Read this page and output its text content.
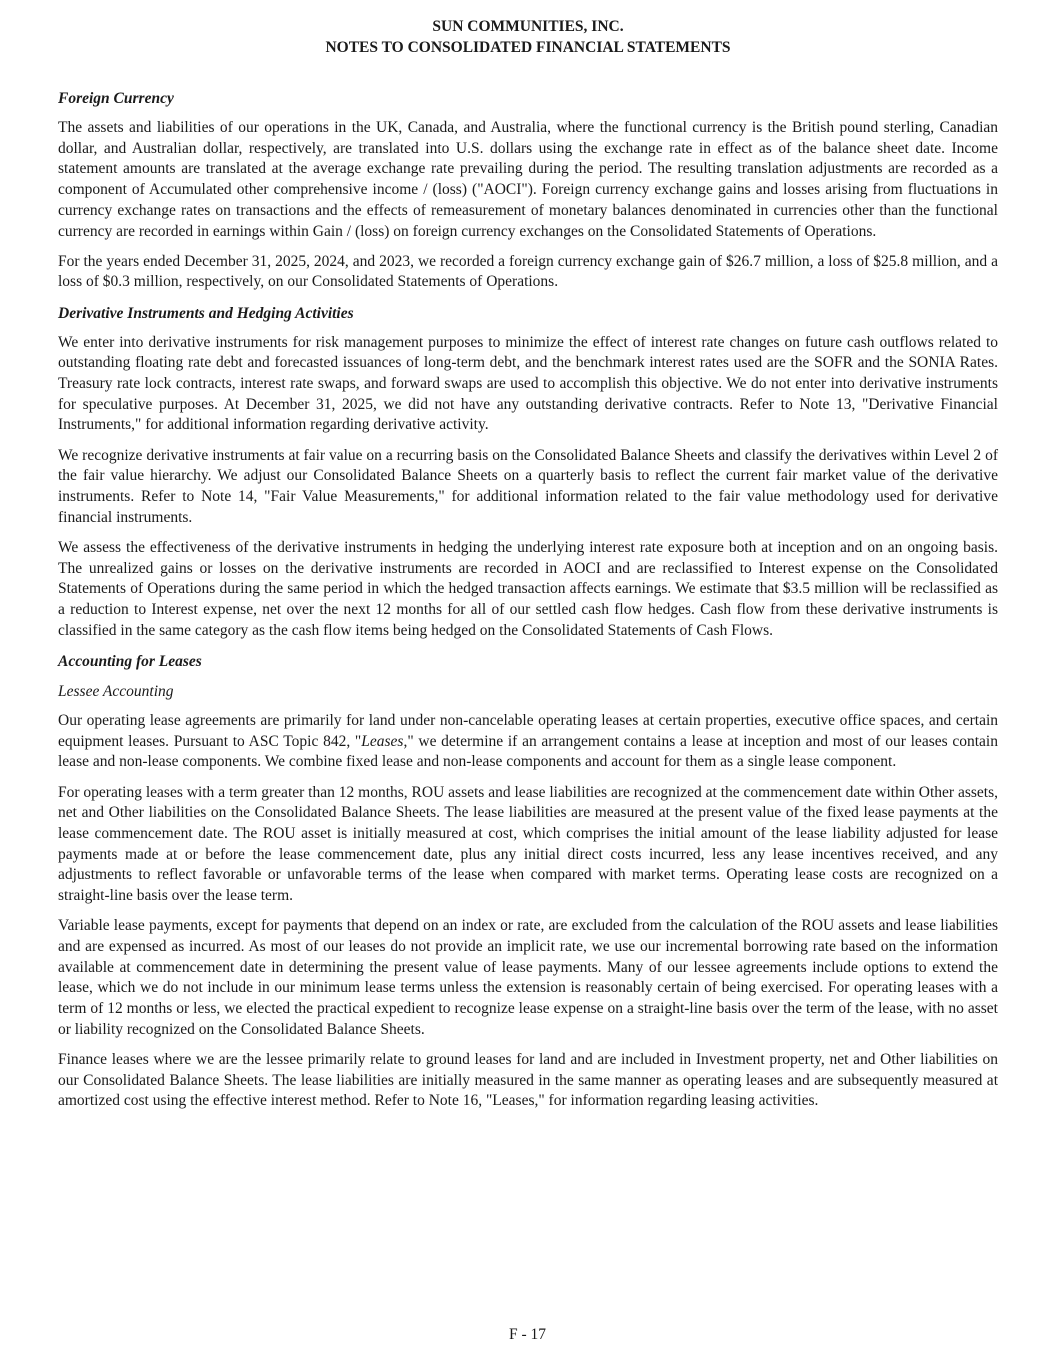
SUN COMMUNITIES, INC.
NOTES TO CONSOLIDATED FINANCIAL STATEMENTS
Foreign Currency

The assets and liabilities of our operations in the UK, Canada, and Australia, where the functional currency is the British pound sterling, Canadian dollar, and Australian dollar, respectively, are translated into U.S. dollars using the exchange rate in effect as of the balance sheet date. Income statement amounts are translated at the average exchange rate prevailing during the period. The resulting translation adjustments are recorded as a component of Accumulated other comprehensive income / (loss) ("AOCI"). Foreign currency exchange gains and losses arising from fluctuations in currency exchange rates on transactions and the effects of remeasurement of monetary balances denominated in currencies other than the functional currency are recorded in earnings within Gain / (loss) on foreign currency exchanges on the Consolidated Statements of Operations.

For the years ended December 31, 2025, 2024, and 2023, we recorded a foreign currency exchange gain of $26.7 million, a loss of $25.8 million, and a loss of $0.3 million, respectively, on our Consolidated Statements of Operations.

Derivative Instruments and Hedging Activities

We enter into derivative instruments for risk management purposes to minimize the effect of interest rate changes on future cash outflows related to outstanding floating rate debt and forecasted issuances of long-term debt, and the benchmark interest rates used are the SOFR and the SONIA Rates. Treasury rate lock contracts, interest rate swaps, and forward swaps are used to accomplish this objective. We do not enter into derivative instruments for speculative purposes. At December 31, 2025, we did not have any outstanding derivative contracts. Refer to Note 13, "Derivative Financial Instruments," for additional information regarding derivative activity.

We recognize derivative instruments at fair value on a recurring basis on the Consolidated Balance Sheets and classify the derivatives within Level 2 of the fair value hierarchy. We adjust our Consolidated Balance Sheets on a quarterly basis to reflect the current fair market value of the derivative instruments. Refer to Note 14, "Fair Value Measurements," for additional information related to the fair value methodology used for derivative financial instruments.

We assess the effectiveness of the derivative instruments in hedging the underlying interest rate exposure both at inception and on an ongoing basis. The unrealized gains or losses on the derivative instruments are recorded in AOCI and are reclassified to Interest expense on the Consolidated Statements of Operations during the same period in which the hedged transaction affects earnings. We estimate that $3.5 million will be reclassified as a reduction to Interest expense, net over the next 12 months for all of our settled cash flow hedges. Cash flow from these derivative instruments is classified in the same category as the cash flow items being hedged on the Consolidated Statements of Cash Flows.

Accounting for Leases
Lessee Accounting

Our operating lease agreements are primarily for land under non-cancelable operating leases at certain properties, executive office spaces, and certain equipment leases. Pursuant to ASC Topic 842, "Leases," we determine if an arrangement contains a lease at inception and most of our leases contain lease and non-lease components. We combine fixed lease and non-lease components and account for them as a single lease component.

For operating leases with a term greater than 12 months, ROU assets and lease liabilities are recognized at the commencement date within Other assets, net and Other liabilities on the Consolidated Balance Sheets. The lease liabilities are measured at the present value of the fixed lease payments at the lease commencement date. The ROU asset is initially measured at cost, which comprises the initial amount of the lease liability adjusted for lease payments made at or before the lease commencement date, plus any initial direct costs incurred, less any lease incentives received, and any adjustments to reflect favorable or unfavorable terms of the lease when compared with market terms. Operating lease costs are recognized on a straight-line basis over the lease term.

Variable lease payments, except for payments that depend on an index or rate, are excluded from the calculation of the ROU assets and lease liabilities and are expensed as incurred. As most of our leases do not provide an implicit rate, we use our incremental borrowing rate based on the information available at commencement date in determining the present value of lease payments. Many of our lessee agreements include options to extend the lease, which we do not include in our minimum lease terms unless the extension is reasonably certain of being exercised. For operating leases with a term of 12 months or less, we elected the practical expedient to recognize lease expense on a straight-line basis over the term of the lease, with no asset or liability recognized on the Consolidated Balance Sheets.

Finance leases where we are the lessee primarily relate to ground leases for land and are included in Investment property, net and Other liabilities on our Consolidated Balance Sheets. The lease liabilities are initially measured in the same manner as operating leases and are subsequently measured at amortized cost using the effective interest method. Refer to Note 16, "Leases," for information regarding leasing activities.

F - 17
